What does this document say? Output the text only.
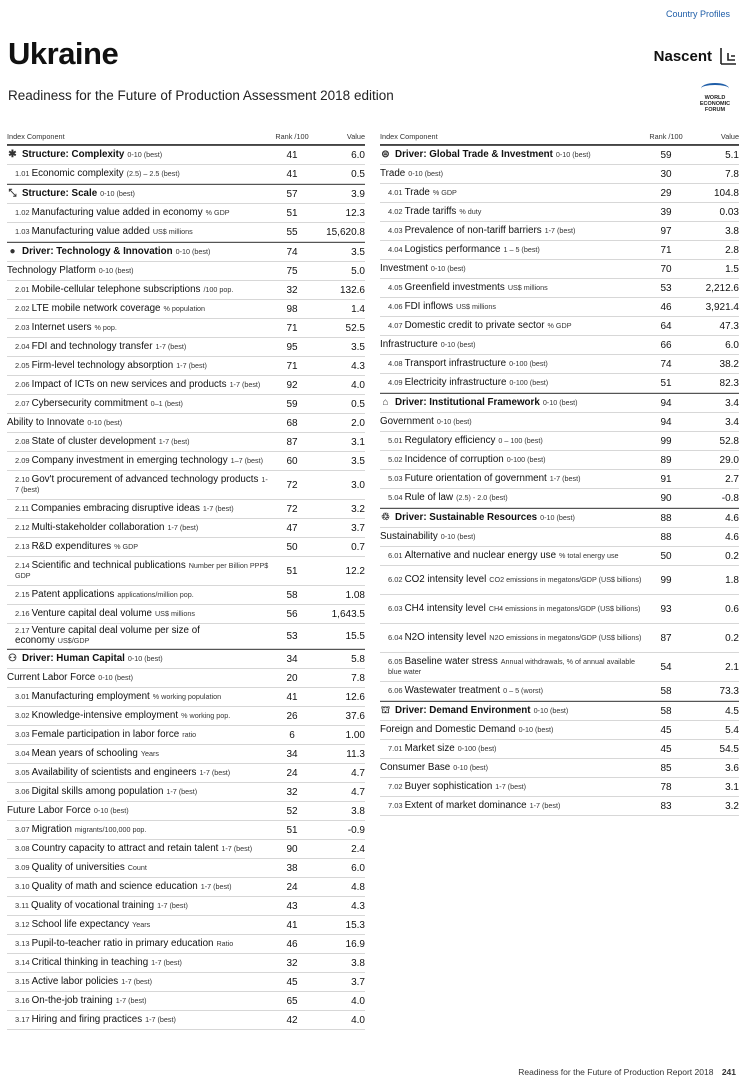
Country Profiles
Ukraine
Readiness for the Future of Production Assessment 2018 edition
Nascent
WORLD ECONOMIC FORUM
Index Component	Rank /100	Value
✱ Structure: Complexity 0-10 (best)	41	6.0
1.01 Economic complexity (2.5) – 2.5 (best)	41	0.5
⤡ Structure: Scale 0-10 (best)	57	3.9
1.02 Manufacturing value added in economy % GDP	51	12.3
1.03 Manufacturing value added US$ millions	55	15,620.8
● Driver: Technology & Innovation 0-10 (best)	74	3.5
Technology Platform 0-10 (best)	75	5.0
2.01 Mobile-cellular telephone subscriptions /100 pop.	32	132.6
2.02 LTE mobile network coverage % population	98	1.4
2.03 Internet users % pop.	71	52.5
2.04 FDI and technology transfer 1-7 (best)	95	3.5
2.05 Firm-level technology absorption 1-7 (best)	71	4.3
2.06 Impact of ICTs on new services and products 1-7 (best)	92	4.0
2.07 Cybersecurity commitment 0–1 (best)	59	0.5
Ability to Innovate 0-10 (best)	68	2.0
2.08 State of cluster development 1-7 (best)	87	3.1
2.09 Company investment in emerging technology 1–7 (best)	60	3.5
2.10 Gov't procurement of advanced technology products 1-7 (best)	72	3.0
2.11 Companies embracing disruptive ideas 1-7 (best)	72	3.2
2.12 Multi-stakeholder collaboration 1-7 (best)	47	3.7
2.13 R&D expenditures % GDP	50	0.7
2.14 Scientific and technical publications Number per Billion PPP$ GDP	51	12.2
2.15 Patent applications applications/million pop.	58	1.08
2.16 Venture capital deal volume US$ millions	56	1,643.5
2.17 Venture capital deal volume per size of economy US$/GDP	53	15.5
⚇ Driver: Human Capital 0-10 (best)	34	5.8
Current Labor Force 0-10 (best)	20	7.8
3.01 Manufacturing employment % working population	41	12.6
3.02 Knowledge-intensive employment % working pop.	26	37.6
3.03 Female participation in labor force ratio	6	1.00
3.04 Mean years of schooling Years	34	11.3
3.05 Availability of scientists and engineers 1-7 (best)	24	4.7
3.06 Digital skills among population 1-7 (best)	32	4.7
Future Labor Force 0-10 (best)	52	3.8
3.07 Migration migrants/100,000 pop.	51	-0.9
3.08 Country capacity to attract and retain talent 1-7 (best)	90	2.4
3.09 Quality of universities Count	38	6.0
3.10 Quality of math and science education 1-7 (best)	24	4.8
3.11 Quality of vocational training 1-7 (best)	43	4.3
3.12 School life expectancy Years	41	15.3
3.13 Pupil-to-teacher ratio in primary education Ratio	46	16.9
3.14 Critical thinking in teaching 1-7 (best)	32	3.8
3.15 Active labor policies 1-7 (best)	45	3.7
3.16 On-the-job training 1-7 (best)	65	4.0
3.17 Hiring and firing practices 1-7 (best)	42	4.0
Index Component	Rank /100	Value
⊜ Driver: Global Trade & Investment 0-10 (best)	59	5.1
Trade 0-10 (best)	30	7.8
4.01 Trade % GDP	29	104.8
4.02 Trade tariffs % duty	39	0.03
4.03 Prevalence of non-tariff barriers 1-7 (best)	97	3.8
4.04 Logistics performance 1 – 5 (best)	71	2.8
Investment 0-10 (best)	70	1.5
4.05 Greenfield investments US$ millions	53	2,212.6
4.06 FDI inflows US$ millions	46	3,921.4
4.07 Domestic credit to private sector % GDP	64	47.3
Infrastructure 0-10 (best)	66	6.0
4.08 Transport infrastructure 0-100 (best)	74	38.2
4.09 Electricity infrastructure 0-100 (best)	51	82.3
⌂ Driver: Institutional Framework 0-10 (best)	94	3.4
Government 0-10 (best)	94	3.4
5.01 Regulatory efficiency 0 – 100 (best)	99	52.8
5.02 Incidence of corruption 0-100 (best)	89	29.0
5.03 Future orientation of government 1-7 (best)	91	2.7
5.04 Rule of law (2.5) - 2.0 (best)	90	-0.8
♲ Driver: Sustainable Resources 0-10 (best)	88	4.6
Sustainability 0-10 (best)	88	4.6
6.01 Alternative and nuclear energy use % total energy use	50	0.2
6.02 CO2 intensity level CO2 emissions in megatons/GDP (US$ billions)	99	1.8
6.03 CH4 intensity level CH4 emissions in megatons/GDP (US$ billions)	93	0.6
6.04 N2O intensity level N2O emissions in megatons/GDP (US$ billions)	87	0.2
6.05 Baseline water stress Annual withdrawals, % of annual available blue water	54	2.1
6.06 Wastewater treatment 0 – 5 (worst)	58	73.3
⛫ Driver: Demand Environment 0-10 (best)	58	4.5
Foreign and Domestic Demand 0-10 (best)	45	5.4
7.01 Market size 0-100 (best)	45	54.5
Consumer Base 0-10 (best)	85	3.6
7.02 Buyer sophistication 1-7 (best)	78	3.1
7.03 Extent of market dominance 1-7 (best)	83	3.2
Readiness for the Future of Production Report 2018 241
